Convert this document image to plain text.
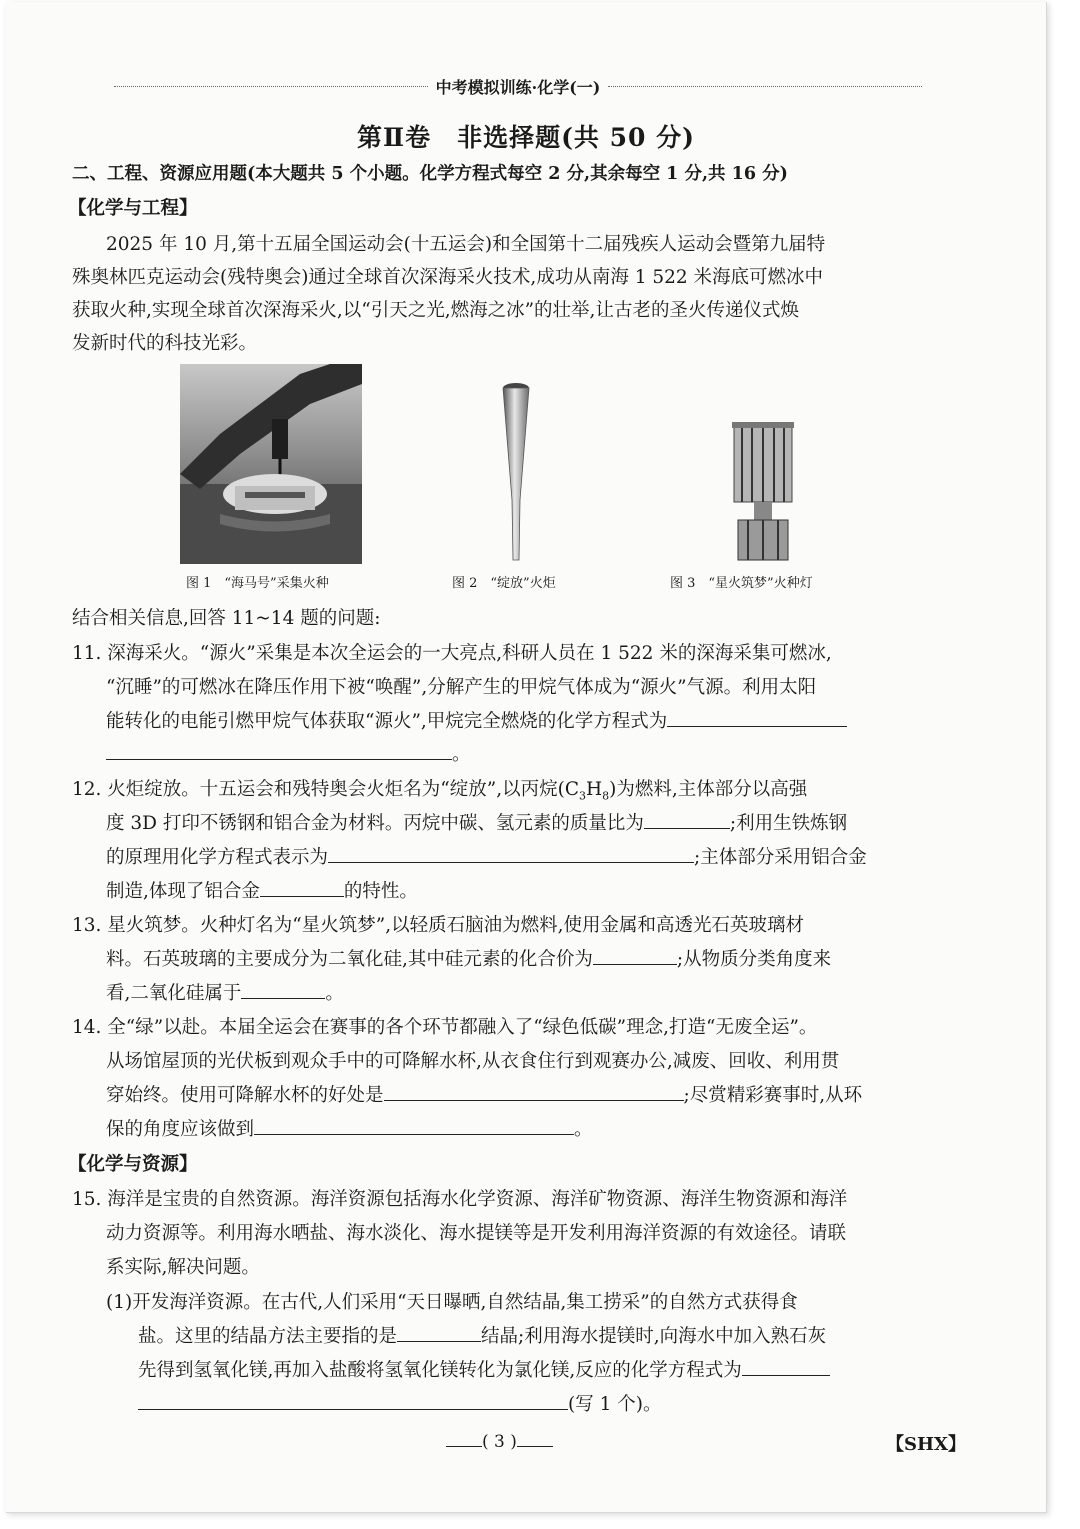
中考模拟训练·化学(一)
第Ⅱ卷　非选择题(共 50 分)
二、工程、资源应用题(本大题共 5 个小题。化学方程式每空 2 分,其余每空 1 分,共 16 分)
【化学与工程】
2025 年 10 月,第十五届全国运动会(十五运会)和全国第十二届残疾人运动会暨第九届特
殊奥林匹克运动会(残特奥会)通过全球首次深海采火技术,成功从南海 1 522 米海底可燃冰中
获取火种,实现全球首次深海采火,以“引天之光,燃海之冰”的壮举,让古老的圣火传递仪式焕
发新时代的科技光彩。
图 1　“海马号”采集火种	图 2　“绽放”火炬	图 3　“星火筑梦”火种灯
结合相关信息,回答 11~14 题的问题:
11. 深海采火。“源火”采集是本次全运会的一大亮点,科研人员在 1 522 米的深海采集可燃冰,
“沉睡”的可燃冰在降压作用下被“唤醒”,分解产生的甲烷气体成为“源火”气源。利用太阳
能转化的电能引燃甲烷气体获取“源火”,甲烷完全燃烧的化学方程式为
。
12. 火炬绽放。十五运会和残特奥会火炬名为“绽放”,以丙烷$(C_3H_8)$为燃料,主体部分以高强
度 3D 打印不锈钢和铝合金为材料。丙烷中碳、氢元素的质量比为	;利用生铁炼钢
的原理用化学方程式表示为	;主体部分采用铝合金
制造,体现了铝合金	的特性。
13. 星火筑梦。火种灯名为“星火筑梦”,以轻质石脑油为燃料,使用金属和高透光石英玻璃材
料。石英玻璃的主要成分为二氧化硅,其中硅元素的化合价为	;从物质分类角度来
看,二氧化硅属于	。
14. 全“绿”以赴。本届全运会在赛事的各个环节都融入了“绿色低碳”理念,打造“无废全运”。
从场馆屋顶的光伏板到观众手中的可降解水杯,从衣食住行到观赛办公,减废、回收、利用贯
穿始终。使用可降解水杯的好处是	;尽赏精彩赛事时,从环
保的角度应该做到	。
【化学与资源】
15. 海洋是宝贵的自然资源。海洋资源包括海水化学资源、海洋矿物资源、海洋生物资源和海洋
动力资源等。利用海水晒盐、海水淡化、海水提镁等是开发利用海洋资源的有效途径。请联
系实际,解决问题。
(1)开发海洋资源。在古代,人们采用“天日曝晒,自然结晶,集工捞采”的自然方式获得食
盐。这里的结晶方法主要指的是	结晶;利用海水提镁时,向海水中加入熟石灰
先得到氢氧化镁,再加入盐酸将氢氧化镁转化为氯化镁,反应的化学方程式为
(写 1 个)。
( 3 )	【SHX】
